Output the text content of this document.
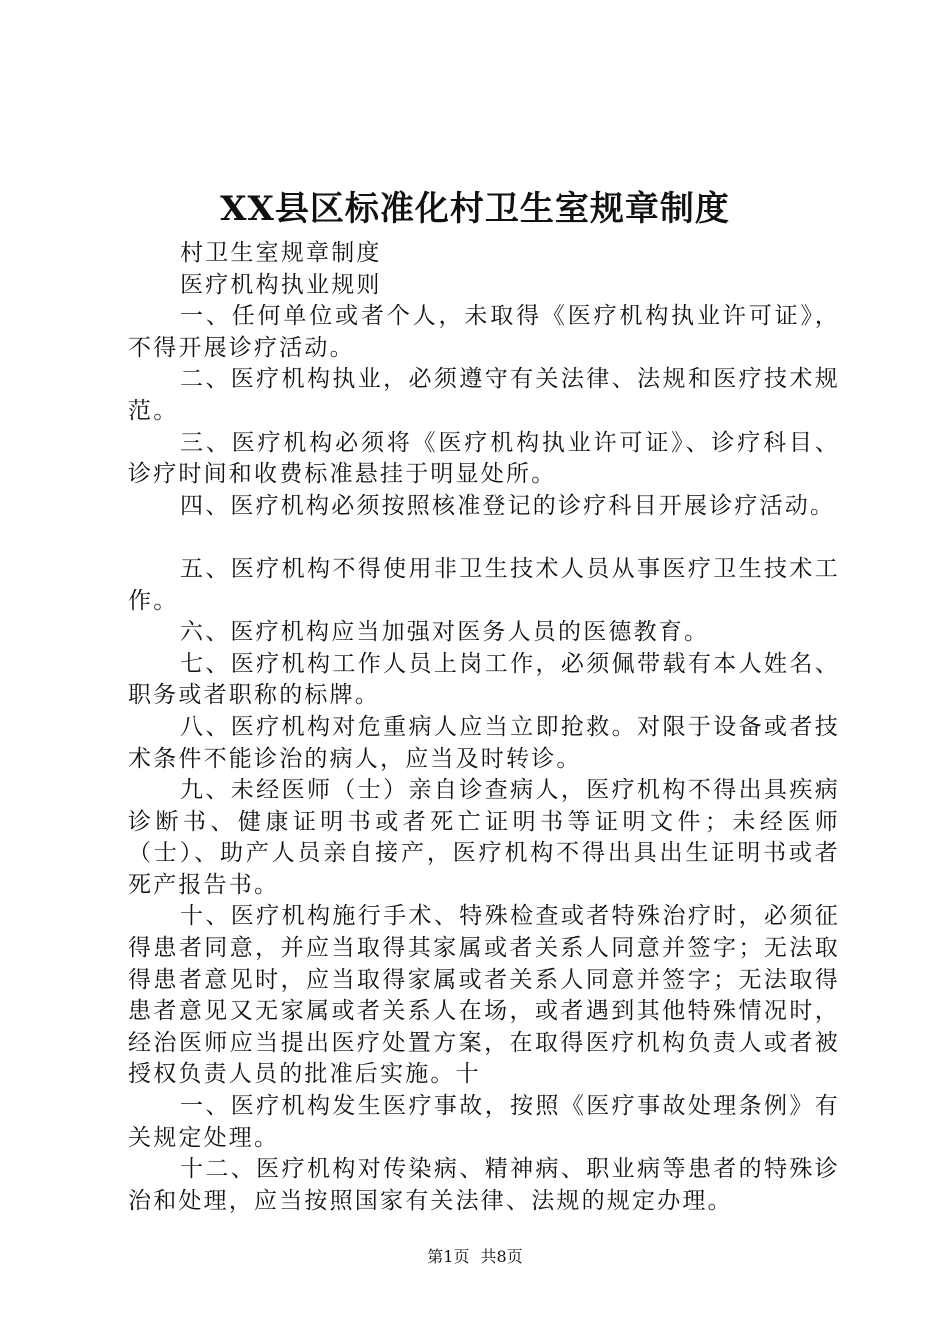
XX县区标准化村卫生室规章制度

村卫生室规章制度

医疗机构执业规则

一、任何单位或者个人，未取得《医疗机构执业许可证》，不得开展诊疗活动。

二、医疗机构执业，必须遵守有关法律、法规和医疗技术规范。

三、医疗机构必须将《医疗机构执业许可证》、诊疗科目、诊疗时间和收费标准悬挂于明显处所。

四、医疗机构必须按照核准登记的诊疗科目开展诊疗活动。

五、医疗机构不得使用非卫生技术人员从事医疗卫生技术工作。

六、医疗机构应当加强对医务人员的医德教育。

七、医疗机构工作人员上岗工作，必须佩带载有本人姓名、职务或者职称的标牌。

八、医疗机构对危重病人应当立即抢救。对限于设备或者技术条件不能诊治的病人，应当及时转诊。

九、未经医师（士）亲自诊查病人，医疗机构不得出具疾病诊断书、健康证明书或者死亡证明书等证明文件；未经医师（士）、助产人员亲自接产，医疗机构不得出具出生证明书或者死产报告书。

十、医疗机构施行手术、特殊检查或者特殊治疗时，必须征得患者同意，并应当取得其家属或者关系人同意并签字；无法取得患者意见时，应当取得家属或者关系人同意并签字；无法取得患者意见又无家属或者关系人在场，或者遇到其他特殊情况时，经治医师应当提出医疗处置方案，在取得医疗机构负责人或者被授权负责人员的批准后实施。十

一、医疗机构发生医疗事故，按照《医疗事故处理条例》有关规定处理。

十二、医疗机构对传染病、精神病、职业病等患者的特殊诊治和处理，应当按照国家有关法律、法规的规定办理。

第1页 共8页
